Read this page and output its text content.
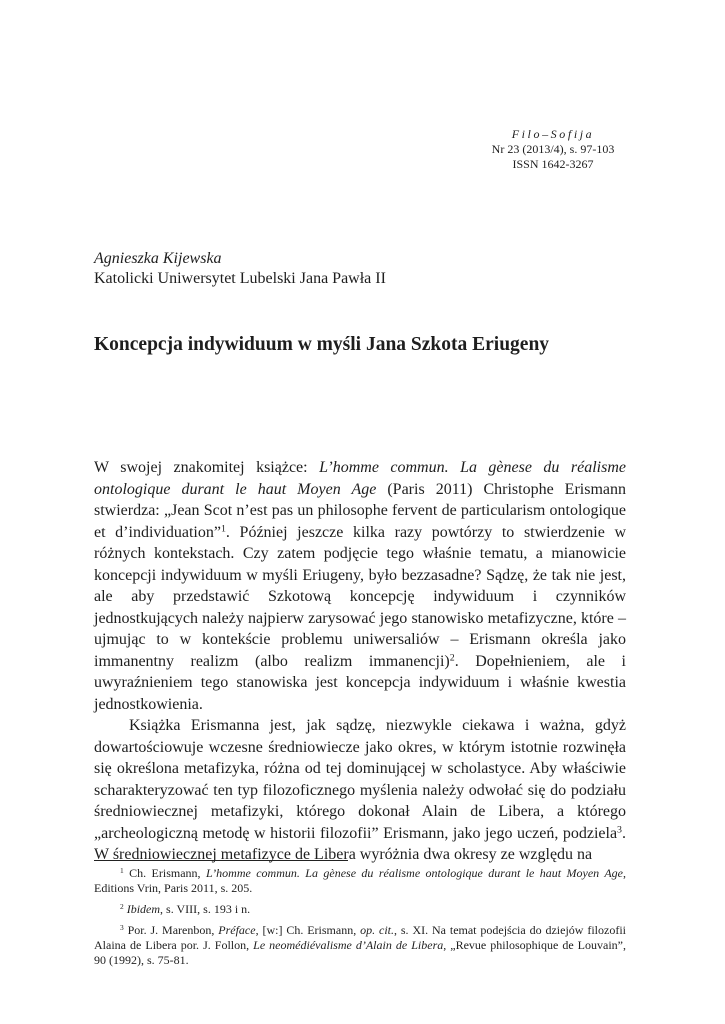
Filo–Sofija
Nr 23 (2013/4), s. 97-103
ISSN 1642-3267
Agnieszka Kijewska
Katolicki Uniwersytet Lubelski Jana Pawła II
Koncepcja indywiduum w myśli Jana Szkota Eriugeny

W swojej znakomitej książce: L’homme commun. La gènese du réalisme ontologique durant le haut Moyen Age (Paris 2011) Christophe Erismann stwierdza: „Jean Scot n’est pas un philosophe fervent de particularism ontologique et d’individuation”$^1$. Później jeszcze kilka razy powtórzy to stwierdzenie w różnych kontekstach. Czy zatem podjęcie tego właśnie tematu, a mianowicie koncepcji indywiduum w myśli Eriugeny, było bezzasadne? Sądzę, że tak nie jest, ale aby przedstawić Szkotową koncepcję indywiduum i czynników jednostkujących należy najpierw zarysować jego stanowisko metafizyczne, które – ujmując to w kontekście problemu uniwersaliów – Erismann określa jako immanentny realizm (albo realizm immanencji)$^2$. Dopełnieniem, ale i uwyraźnieniem tego stanowiska jest koncepcja indywiduum i właśnie kwestia jednostkowienia.

Książka Erismanna jest, jak sądzę, niezwykle ciekawa i ważna, gdyż dowartościowuje wczesne średniowiecze jako okres, w którym istotnie rozwinęła się określona metafizyka, różna od tej dominującej w scholastyce. Aby właściwie scharakteryzować ten typ filozoficznego myślenia należy odwołać się do podziału średniowiecznej metafizyki, którego dokonał Alain de Libera, a którego „archeologiczną metodę w historii filozofii” Erismann, jako jego uczeń, podziela$^3$. W średniowiecznej metafizyce de Libera wyróżnia dwa okresy ze względu na

$^1$ Ch. Erismann, L’homme commun. La gènese du réalisme ontologique durant le haut Moyen Age, Editions Vrin, Paris 2011, s. 205.

$^2$ Ibidem, s. VIII, s. 193 i n.

$^3$ Por. J. Marenbon, Préface, [w:] Ch. Erismann, op. cit., s. XI. Na temat podejścia do dziejów filozofii Alaina de Libera por. J. Follon, Le neomédiévalisme d’Alain de Libera, „Revue philosophique de Louvain”, 90 (1992), s. 75-81.
